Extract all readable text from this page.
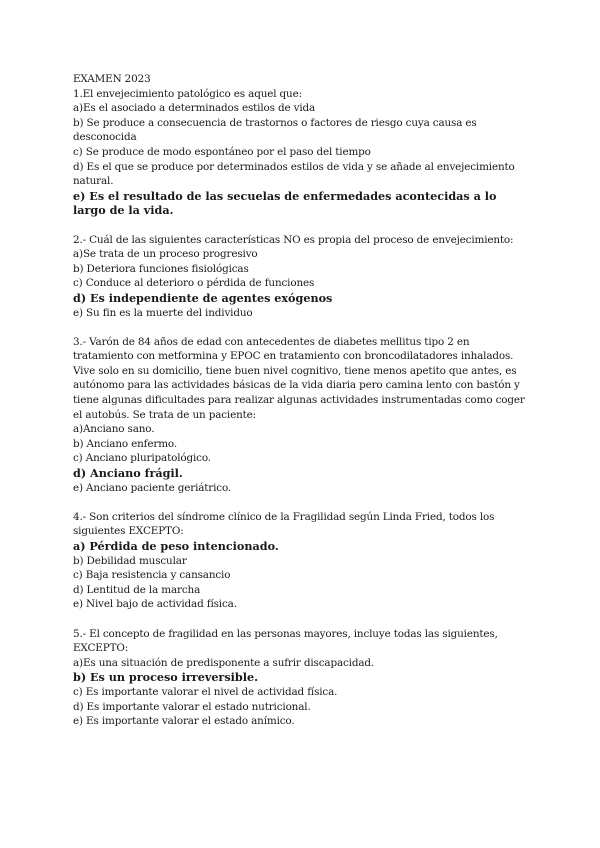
EXAMEN 2023

1.El envejecimiento patológico es aquel que:

a)Es el asociado a determinados estilos de vida
b) Se produce a consecuencia de trastornos o factores de riesgo cuya causa es desconocida
c) Se produce de modo espontáneo por el paso del tiempo
d) Es el que se produce por determinados estilos de vida y se añade al envejecimiento natural.
e) Es el resultado de las secuelas de enfermedades acontecidas a lo largo de la vida.

2.- Cuál de las siguientes características NO es propia del proceso de envejecimiento:

a)Se trata de un proceso progresivo
b) Deteriora funciones fisiológicas
c) Conduce al deterioro o pérdida de funciones
d) Es independiente de agentes exógenos
e) Su fin es la muerte del individuo

3.- Varón de 84 años de edad con antecedentes de diabetes mellitus tipo 2 en tratamiento con metformina y EPOC en tratamiento con broncodilatadores inhalados. Vive solo en su domicilio, tiene buen nivel cognitivo, tiene menos apetito que antes, es autónomo para las actividades básicas de la vida diaria pero camina lento con bastón y tiene algunas dificultades para realizar algunas actividades instrumentadas como coger el autobús. Se trata de un paciente:

a)Anciano sano.
b) Anciano enfermo.
c) Anciano pluripatológico.
d) Anciano frágil.
e) Anciano paciente geriátrico.

4.- Son criterios del síndrome clínico de la Fragilidad según Linda Fried, todos los siguientes EXCEPTO:

a) Pérdida de peso intencionado.
b) Debilidad muscular
c) Baja resistencia y cansancio
d) Lentitud de la marcha
e) Nivel bajo de actividad física.

5.- El concepto de fragilidad en las personas mayores, incluye todas las siguientes, EXCEPTO:

a)Es una situación de predisponente a sufrir discapacidad.
b) Es un proceso irreversible.
c) Es importante valorar el nivel de actividad física.
d) Es importante valorar el estado nutricional.
e) Es importante valorar el estado anímico.
